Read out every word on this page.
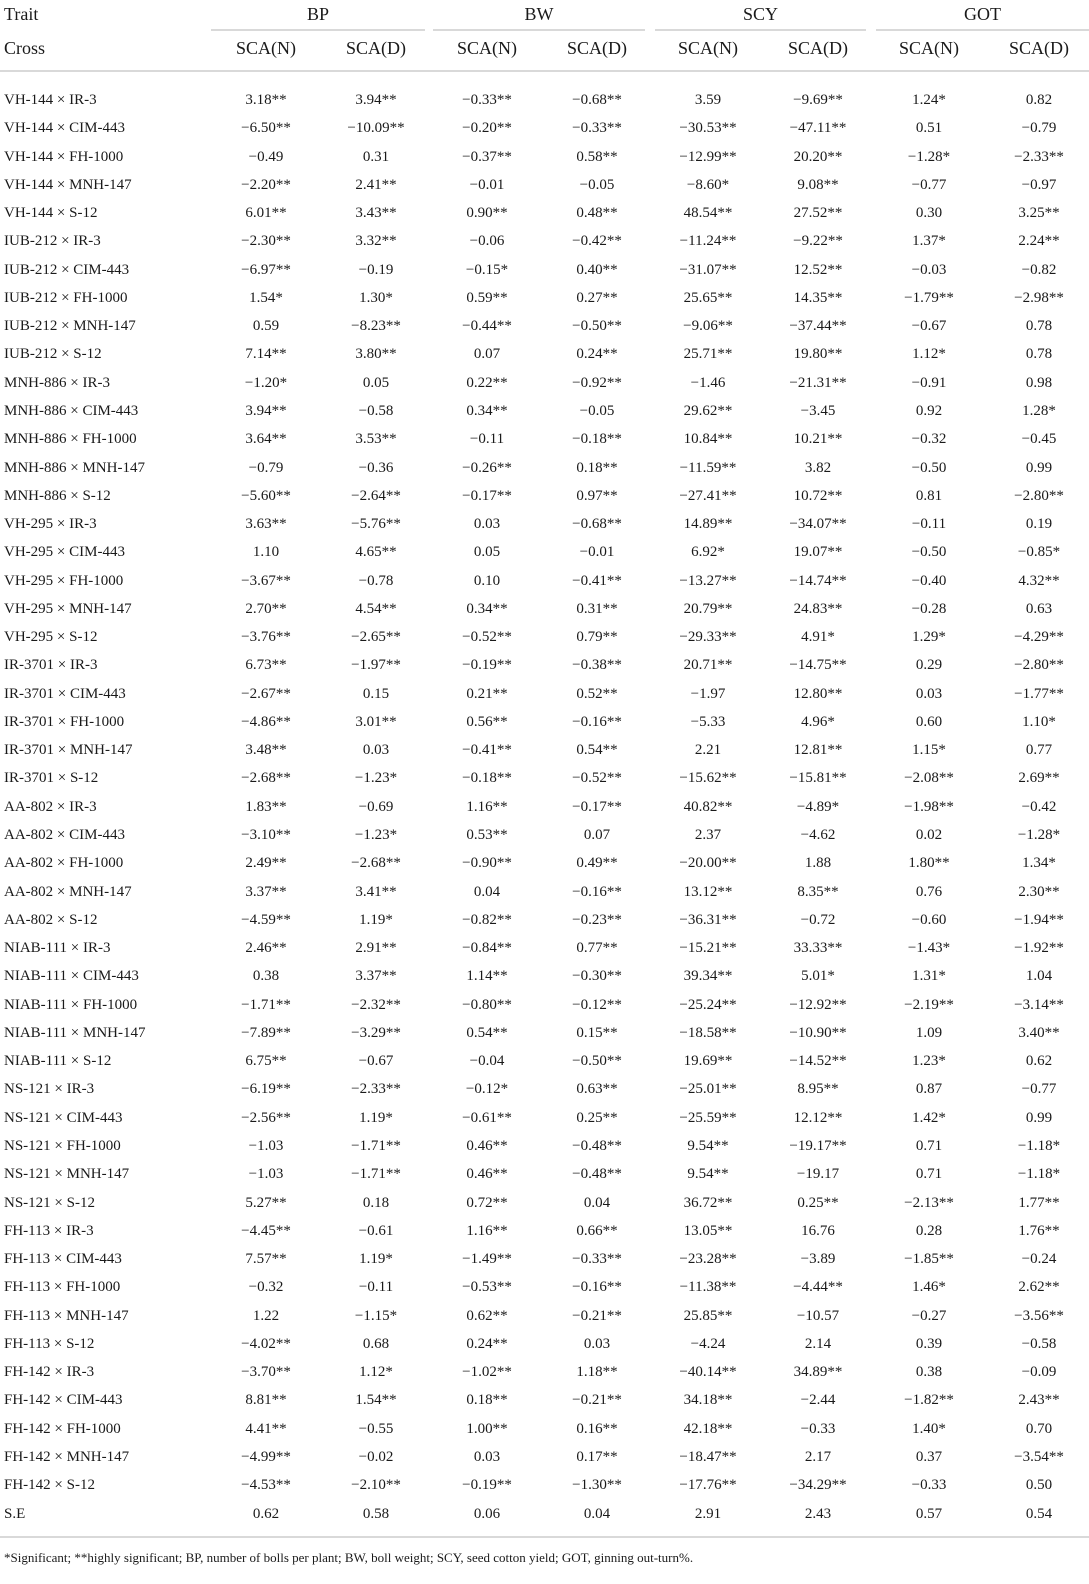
Trait	BP	BW	SCY	GOT
Cross	SCA(N)	SCA(D)	SCA(N)	SCA(D)	SCA(N)	SCA(D)	SCA(N)	SCA(D)
VH-144 × IR-3	3.18**	3.94**	−0.33**	−0.68**	3.59	−9.69**	1.24*	0.82
VH-144 × CIM-443	−6.50**	−10.09**	−0.20**	−0.33**	−30.53**	−47.11**	0.51	−0.79
VH-144 × FH-1000	−0.49	0.31	−0.37**	0.58**	−12.99**	20.20**	−1.28*	−2.33**
VH-144 × MNH-147	−2.20**	2.41**	−0.01	−0.05	−8.60*	9.08**	−0.77	−0.97
VH-144 × S-12	6.01**	3.43**	0.90**	0.48**	48.54**	27.52**	0.30	3.25**
IUB-212 × IR-3	−2.30**	3.32**	−0.06	−0.42**	−11.24**	−9.22**	1.37*	2.24**
IUB-212 × CIM-443	−6.97**	−0.19	−0.15*	0.40**	−31.07**	12.52**	−0.03	−0.82
IUB-212 × FH-1000	1.54*	1.30*	0.59**	0.27**	25.65**	14.35**	−1.79**	−2.98**
IUB-212 × MNH-147	0.59	−8.23**	−0.44**	−0.50**	−9.06**	−37.44**	−0.67	0.78
IUB-212 × S-12	7.14**	3.80**	0.07	0.24**	25.71**	19.80**	1.12*	0.78
MNH-886 × IR-3	−1.20*	0.05	0.22**	−0.92**	−1.46	−21.31**	−0.91	0.98
MNH-886 × CIM-443	3.94**	−0.58	0.34**	−0.05	29.62**	−3.45	0.92	1.28*
MNH-886 × FH-1000	3.64**	3.53**	−0.11	−0.18**	10.84**	10.21**	−0.32	−0.45
MNH-886 × MNH-147	−0.79	−0.36	−0.26**	0.18**	−11.59**	3.82	−0.50	0.99
MNH-886 × S-12	−5.60**	−2.64**	−0.17**	0.97**	−27.41**	10.72**	0.81	−2.80**
VH-295 × IR-3	3.63**	−5.76**	0.03	−0.68**	14.89**	−34.07**	−0.11	0.19
VH-295 × CIM-443	1.10	4.65**	0.05	−0.01	6.92*	19.07**	−0.50	−0.85*
VH-295 × FH-1000	−3.67**	−0.78	0.10	−0.41**	−13.27**	−14.74**	−0.40	4.32**
VH-295 × MNH-147	2.70**	4.54**	0.34**	0.31**	20.79**	24.83**	−0.28	0.63
VH-295 × S-12	−3.76**	−2.65**	−0.52**	0.79**	−29.33**	4.91*	1.29*	−4.29**
IR-3701 × IR-3	6.73**	−1.97**	−0.19**	−0.38**	20.71**	−14.75**	0.29	−2.80**
IR-3701 × CIM-443	−2.67**	0.15	0.21**	0.52**	−1.97	12.80**	0.03	−1.77**
IR-3701 × FH-1000	−4.86**	3.01**	0.56**	−0.16**	−5.33	4.96*	0.60	1.10*
IR-3701 × MNH-147	3.48**	0.03	−0.41**	0.54**	2.21	12.81**	1.15*	0.77
IR-3701 × S-12	−2.68**	−1.23*	−0.18**	−0.52**	−15.62**	−15.81**	−2.08**	2.69**
AA-802 × IR-3	1.83**	−0.69	1.16**	−0.17**	40.82**	−4.89*	−1.98**	−0.42
AA-802 × CIM-443	−3.10**	−1.23*	0.53**	0.07	2.37	−4.62	0.02	−1.28*
AA-802 × FH-1000	2.49**	−2.68**	−0.90**	0.49**	−20.00**	1.88	1.80**	1.34*
AA-802 × MNH-147	3.37**	3.41**	0.04	−0.16**	13.12**	8.35**	0.76	2.30**
AA-802 × S-12	−4.59**	1.19*	−0.82**	−0.23**	−36.31**	−0.72	−0.60	−1.94**
NIAB-111 × IR-3	2.46**	2.91**	−0.84**	0.77**	−15.21**	33.33**	−1.43*	−1.92**
NIAB-111 × CIM-443	0.38	3.37**	1.14**	−0.30**	39.34**	5.01*	1.31*	1.04
NIAB-111 × FH-1000	−1.71**	−2.32**	−0.80**	−0.12**	−25.24**	−12.92**	−2.19**	−3.14**
NIAB-111 × MNH-147	−7.89**	−3.29**	0.54**	0.15**	−18.58**	−10.90**	1.09	3.40**
NIAB-111 × S-12	6.75**	−0.67	−0.04	−0.50**	19.69**	−14.52**	1.23*	0.62
NS-121 × IR-3	−6.19**	−2.33**	−0.12*	0.63**	−25.01**	8.95**	0.87	−0.77
NS-121 × CIM-443	−2.56**	1.19*	−0.61**	0.25**	−25.59**	12.12**	1.42*	0.99
NS-121 × FH-1000	−1.03	−1.71**	0.46**	−0.48**	9.54**	−19.17**	0.71	−1.18*
NS-121 × MNH-147	−1.03	−1.71**	0.46**	−0.48**	9.54**	−19.17	0.71	−1.18*
NS-121 × S-12	5.27**	0.18	0.72**	0.04	36.72**	0.25**	−2.13**	1.77**
FH-113 × IR-3	−4.45**	−0.61	1.16**	0.66**	13.05**	16.76	0.28	1.76**
FH-113 × CIM-443	7.57**	1.19*	−1.49**	−0.33**	−23.28**	−3.89	−1.85**	−0.24
FH-113 × FH-1000	−0.32	−0.11	−0.53**	−0.16**	−11.38**	−4.44**	1.46*	2.62**
FH-113 × MNH-147	1.22	−1.15*	0.62**	−0.21**	25.85**	−10.57	−0.27	−3.56**
FH-113 × S-12	−4.02**	0.68	0.24**	0.03	−4.24	2.14	0.39	−0.58
FH-142 × IR-3	−3.70**	1.12*	−1.02**	1.18**	−40.14**	34.89**	0.38	−0.09
FH-142 × CIM-443	8.81**	1.54**	0.18**	−0.21**	34.18**	−2.44	−1.82**	2.43**
FH-142 × FH-1000	4.41**	−0.55	1.00**	0.16**	42.18**	−0.33	1.40*	0.70
FH-142 × MNH-147	−4.99**	−0.02	0.03	0.17**	−18.47**	2.17	0.37	−3.54**
FH-142 × S-12	−4.53**	−2.10**	−0.19**	−1.30**	−17.76**	−34.29**	−0.33	0.50
S.E	0.62	0.58	0.06	0.04	2.91	2.43	0.57	0.54
*Significant; **highly significant; BP, number of bolls per plant; BW, boll weight; SCY, seed cotton yield; GOT, ginning out-turn%.
